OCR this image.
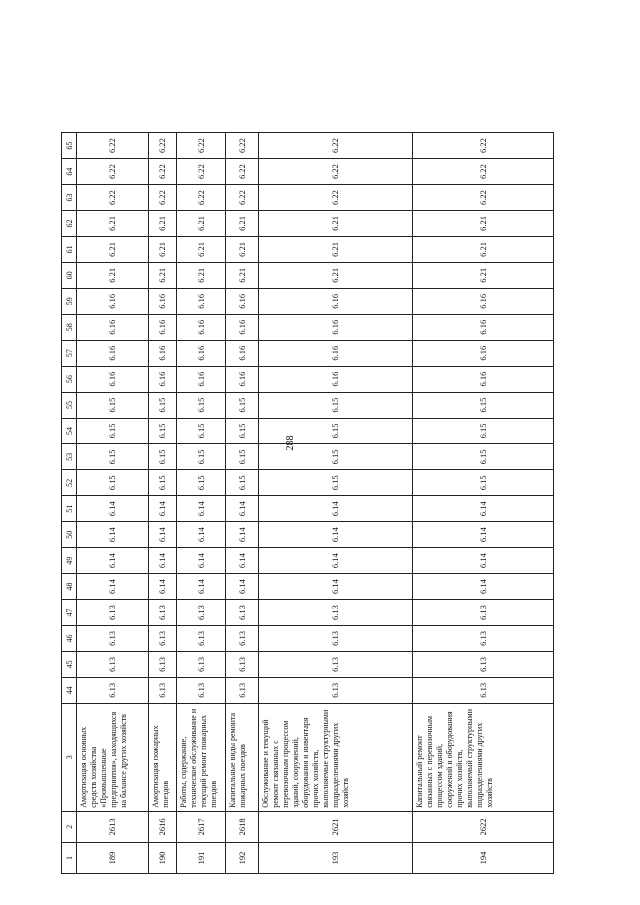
288
1	2	3	44	45	46	47	48	49	50	51	52	53	54	55	56	57	58	59	60	61	62	63	64	65
189	2613	Амортизация основных средств хозяйства «Промышленные предприятия», находящихся на балансе других хозяйств	6.13	6.13	6.13	6.13	6.14	6.14	6.14	6.14	6.15	6.15	6.15	6.15	6.16	6.16	6.16	6.16	6.21	6.21	6.21	6.22	6.22	6.22
190	2616	Амортизация пожарных поездов	6.13	6.13	6.13	6.13	6.14	6.14	6.14	6.14	6.15	6.15	6.15	6.15	6.16	6.16	6.16	6.16	6.21	6.21	6.21	6.22	6.22	6.22
191	2617	Работы, содержание, техническое обслуживание и текущий ремонт пожарных поездов	6.13	6.13	6.13	6.13	6.14	6.14	6.14	6.14	6.15	6.15	6.15	6.15	6.16	6.16	6.16	6.16	6.21	6.21	6.21	6.22	6.22	6.22
192	2618	Капитальные виды ремонта пожарных поездов	6.13	6.13	6.13	6.13	6.14	6.14	6.14	6.14	6.15	6.15	6.15	6.15	6.16	6.16	6.16	6.16	6.21	6.21	6.21	6.22	6.22	6.22
193	2621	Обслуживание и текущий ремонт связанных с перевозочным процессом зданий, сооружений, оборудования и инвентаря прочих хозяйств, выполняемые структурными подразделениями других хозяйств	6.13	6.13	6.13	6.13	6.14	6.14	6.14	6.14	6.15	6.15	6.15	6.15	6.16	6.16	6.16	6.16	6.21	6.21	6.21	6.22	6.22	6.22
194	2622	Капитальный ремонт связанных с перевозочным процессом зданий, сооружений и оборудования прочих хозяйств, выполняемый структурными подразделениями других хозяйств	6.13	6.13	6.13	6.13	6.14	6.14	6.14	6.14	6.15	6.15	6.15	6.15	6.16	6.16	6.16	6.16	6.21	6.21	6.21	6.22	6.22	6.22
